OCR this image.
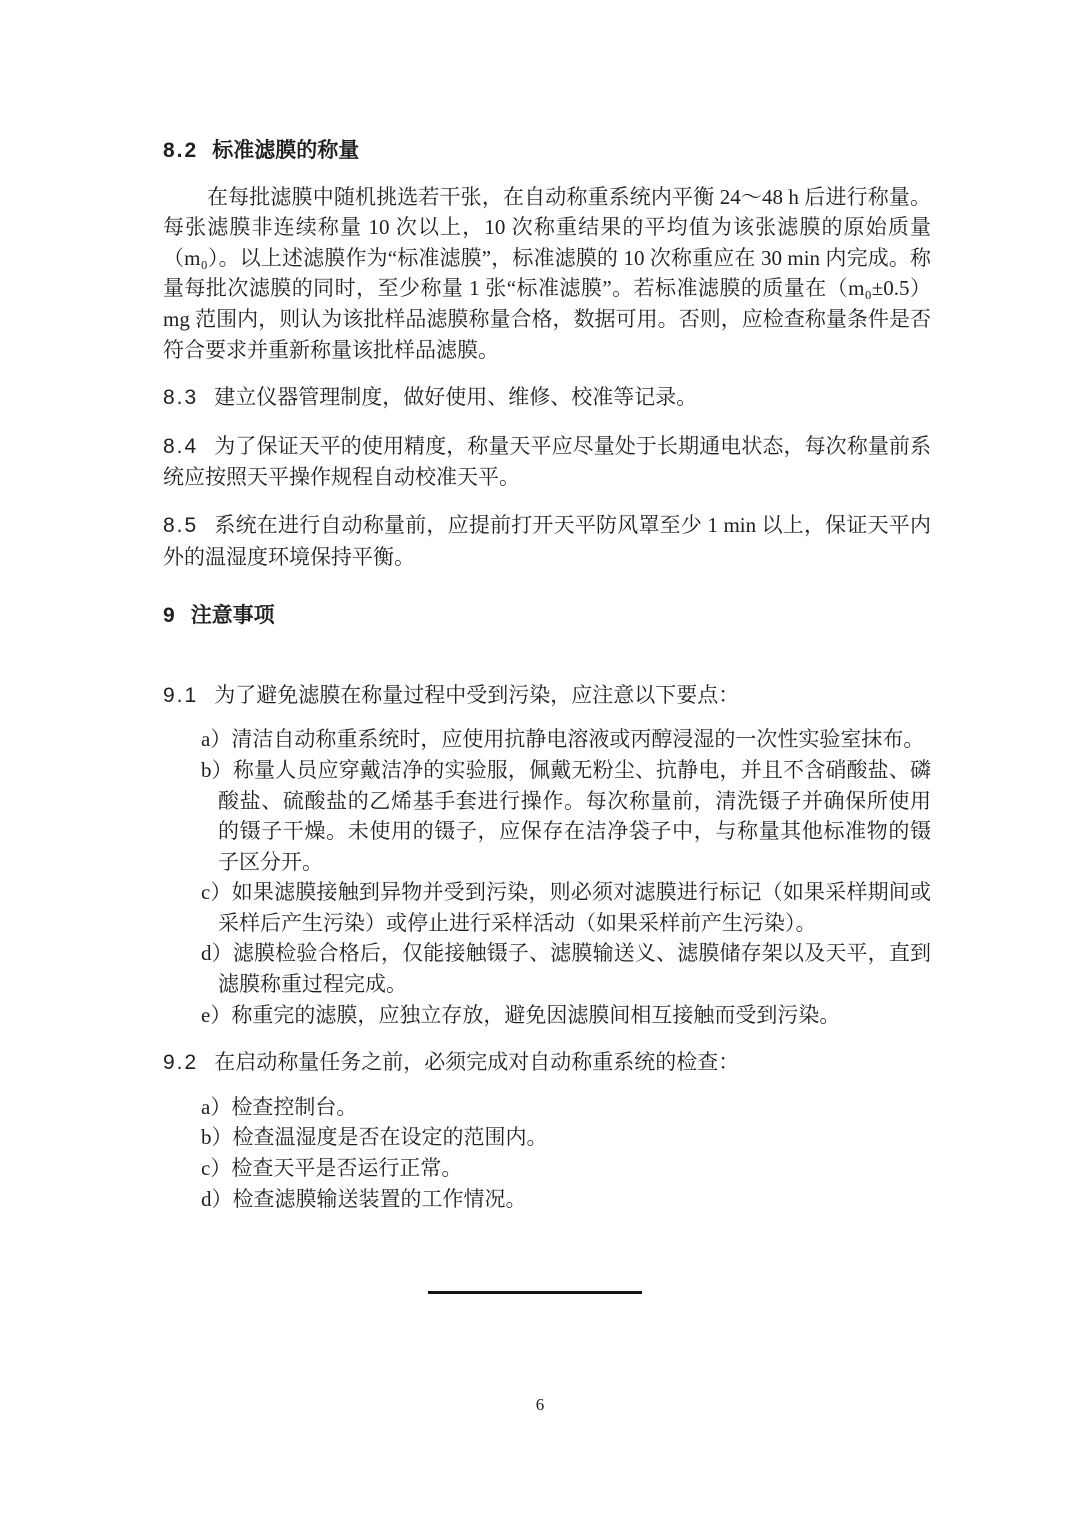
8.2 标准滤膜的称量

在每批滤膜中随机挑选若干张，在自动称重系统内平衡 24～48 h 后进行称量。每张滤膜非连续称量 10 次以上，10 次称重结果的平均值为该张滤膜的原始质量（m₀）。以上述滤膜作为“标准滤膜”，标准滤膜的 10 次称重应在 30 min 内完成。称量每批次滤膜的同时，至少称量 1 张“标准滤膜”。若标准滤膜的质量在（m₀±0.5）mg 范围内，则认为该批样品滤膜称量合格，数据可用。否则，应检查称量条件是否符合要求并重新称量该批样品滤膜。

8.3 建立仪器管理制度，做好使用、维修、校准等记录。

8.4 为了保证天平的使用精度，称量天平应尽量处于长期通电状态，每次称量前系统应按照天平操作规程自动校准天平。

8.5 系统在进行自动称量前，应提前打开天平防风罩至少 1 min 以上，保证天平内外的温湿度环境保持平衡。

9 注意事项

9.1 为了避免滤膜在称量过程中受到污染，应注意以下要点：

a）清洁自动称重系统时，应使用抗静电溶液或丙醇浸湿的一次性实验室抹布。
b）称量人员应穿戴洁净的实验服，佩戴无粉尘、抗静电，并且不含硝酸盐、磷酸盐、硫酸盐的乙烯基手套进行操作。每次称量前，清洗镊子并确保所使用的镊子干燥。未使用的镊子，应保存在洁净袋子中，与称量其他标准物的镊子区分开。
c）如果滤膜接触到异物并受到污染，则必须对滤膜进行标记（如果采样期间或采样后产生污染）或停止进行采样活动（如果采样前产生污染）。
d）滤膜检验合格后，仅能接触镊子、滤膜输送义、滤膜储存架以及天平，直到滤膜称重过程完成。
e）称重完的滤膜，应独立存放，避免因滤膜间相互接触而受到污染。

9.2 在启动称量任务之前，必须完成对自动称重系统的检查：

a）检查控制台。
b）检查温湿度是否在设定的范围内。
c）检查天平是否运行正常。
d）检查滤膜输送装置的工作情况。
6
